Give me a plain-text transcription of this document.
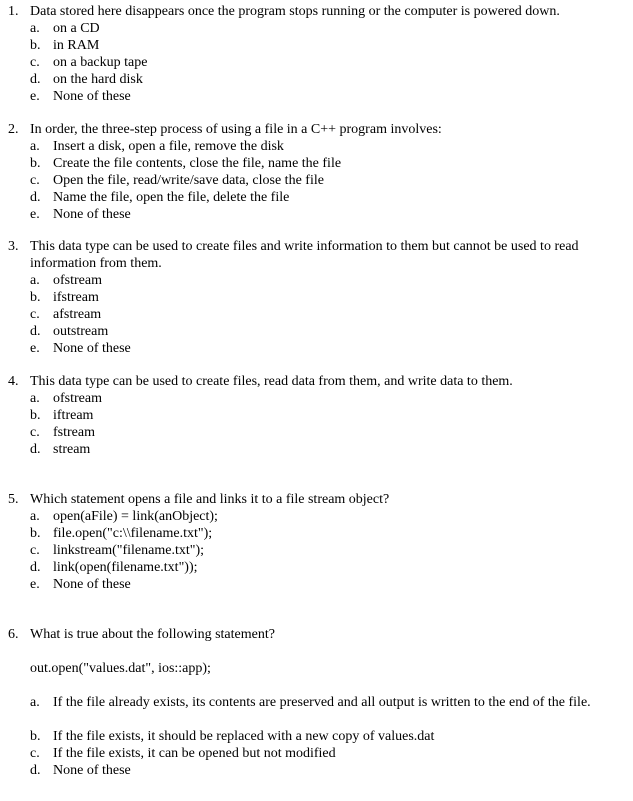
1. Data stored here disappears once the program stops running or the computer is powered down.
a. on a CD
b. in RAM
c. on a backup tape
d. on the hard disk
e. None of these
2. In order, the three-step process of using a file in a C++ program involves:
a. Insert a disk, open a file, remove the disk
b. Create the file contents, close the file, name the file
c. Open the file, read/write/save data, close the file
d. Name the file, open the file, delete the file
e. None of these
3. This data type can be used to create files and write information to them but cannot be used to read information from them.
a. ofstream
b. ifstream
c. afstream
d. outstream
e. None of these
4. This data type can be used to create files, read data from them, and write data to them.
a. ofstream
b. iftream
c. fstream
d. stream
5. Which statement opens a file and links it to a file stream object?
a. open(aFile) = link(anObject);
b. file.open("c:\\filename.txt");
c. linkstream("filename.txt");
d. link(open(filename.txt"));
e. None of these
6. What is true about the following statement?
out.open("values.dat", ios::app);
a. If the file already exists, its contents are preserved and all output is written to the end of the file.
b. If the file exists, it should be replaced with a new copy of values.dat
c. If the file exists, it can be opened but not modified
d. None of these
